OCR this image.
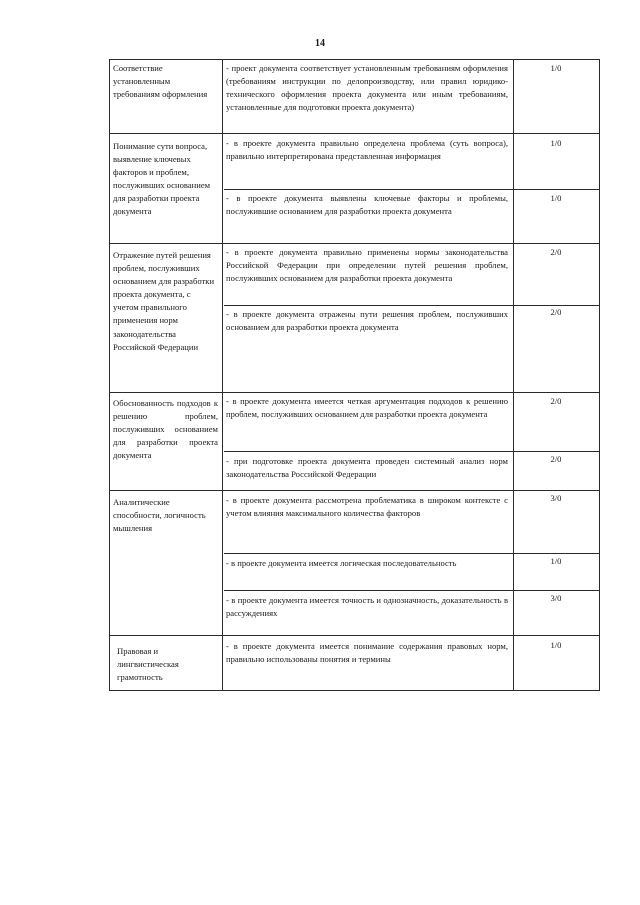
14
Соответствие установленным требованиям оформления
- проект документа соответствует установленным требованиям оформления (требованиям инструкции по делопроизводству, или правил юридико-технического оформления проекта документа или иным требованиям, установленные для подготовки проекта документа)
1/0
Понимание сути вопроса, выявление ключевых факторов и проблем, послуживших основанием для разработки проекта документа
- в проекте документа правильно определена проблема (суть вопроса), правильно интерпретирована представленная информация
1/0
- в проекте документа выявлены ключевые факторы и проблемы, послужившие основанием для разработки проекта документа
1/0
Отражение путей решения проблем, послуживших основанием для разработки проекта документа, с учетом правильного применения норм законодательства Российской Федерации
- в проекте документа правильно применены нормы законодательства Российской Федерации при определении путей решения проблем, послуживших основанием для разработки проекта документа
2/0
- в проекте документа отражены пути решения проблем, послуживших основанием для разработки проекта документа
2/0
Обоснованность подходов к решению проблем, послуживших основанием для разработки проекта документа
- в проекте документа имеется четкая аргументация подходов к решению проблем, послуживших основанием для разработки проекта документа
2/0
- при подготовке проекта документа проведен системный анализ норм законодательства Российской Федерации
2/0
Аналитические способности, логичность мышления
- в проекте документа рассмотрена проблематика в широком контексте с учетом влияния максимального количества факторов
3/0
- в проекте документа имеется логическая последовательность	1/0
- в проекте документа имеется точность и однозначность, доказательность в рассуждениях
3/0
Правовая и лингвистическая грамотность
- в проекте документа имеется понимание содержания правовых норм, правильно использованы понятия и термины
1/0
